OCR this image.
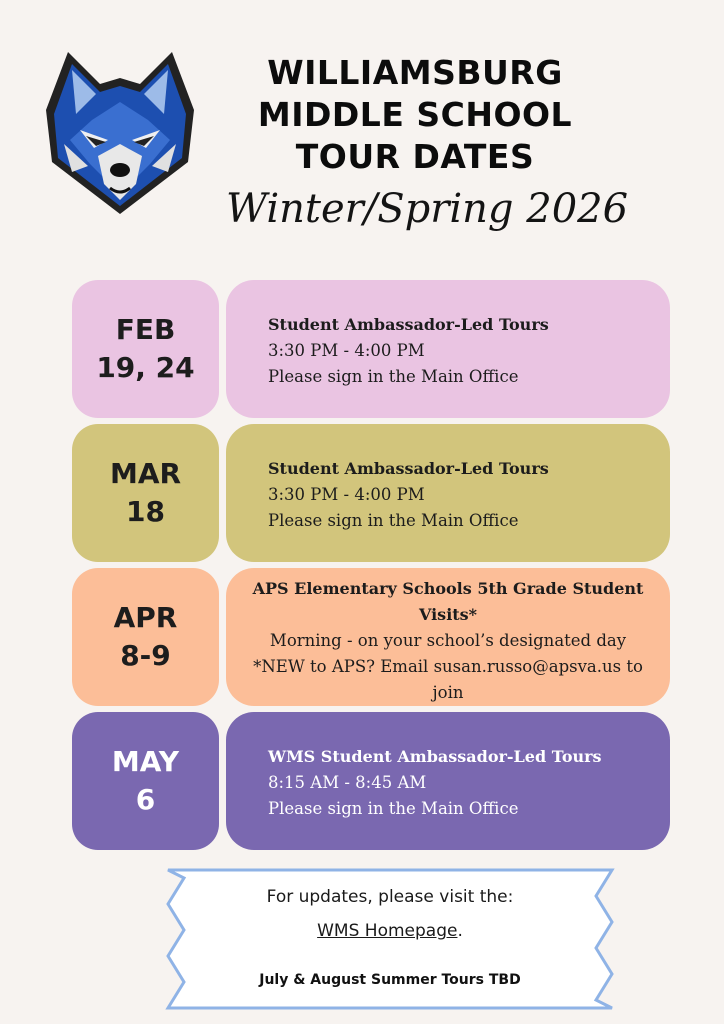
WILLIAMSBURG
MIDDLE SCHOOL
TOUR DATES
Winter/Spring 2026
FEB
19, 24
Student Ambassador-Led Tours
3:30 PM - 4:00 PM
Please sign in the Main Office
MAR
18
Student Ambassador-Led Tours
3:30 PM - 4:00 PM
Please sign in the Main Office
APR
8-9
APS Elementary Schools 5th Grade Student Visits*
Morning - on your school’s designated day
*NEW to APS? Email susan.russo@apsva.us to join
MAY
6
WMS Student Ambassador-Led Tours
8:15 AM - 8:45 AM
Please sign in the Main Office
For updates, please visit the:
WMS Homepage.
July & August Summer Tours TBD
